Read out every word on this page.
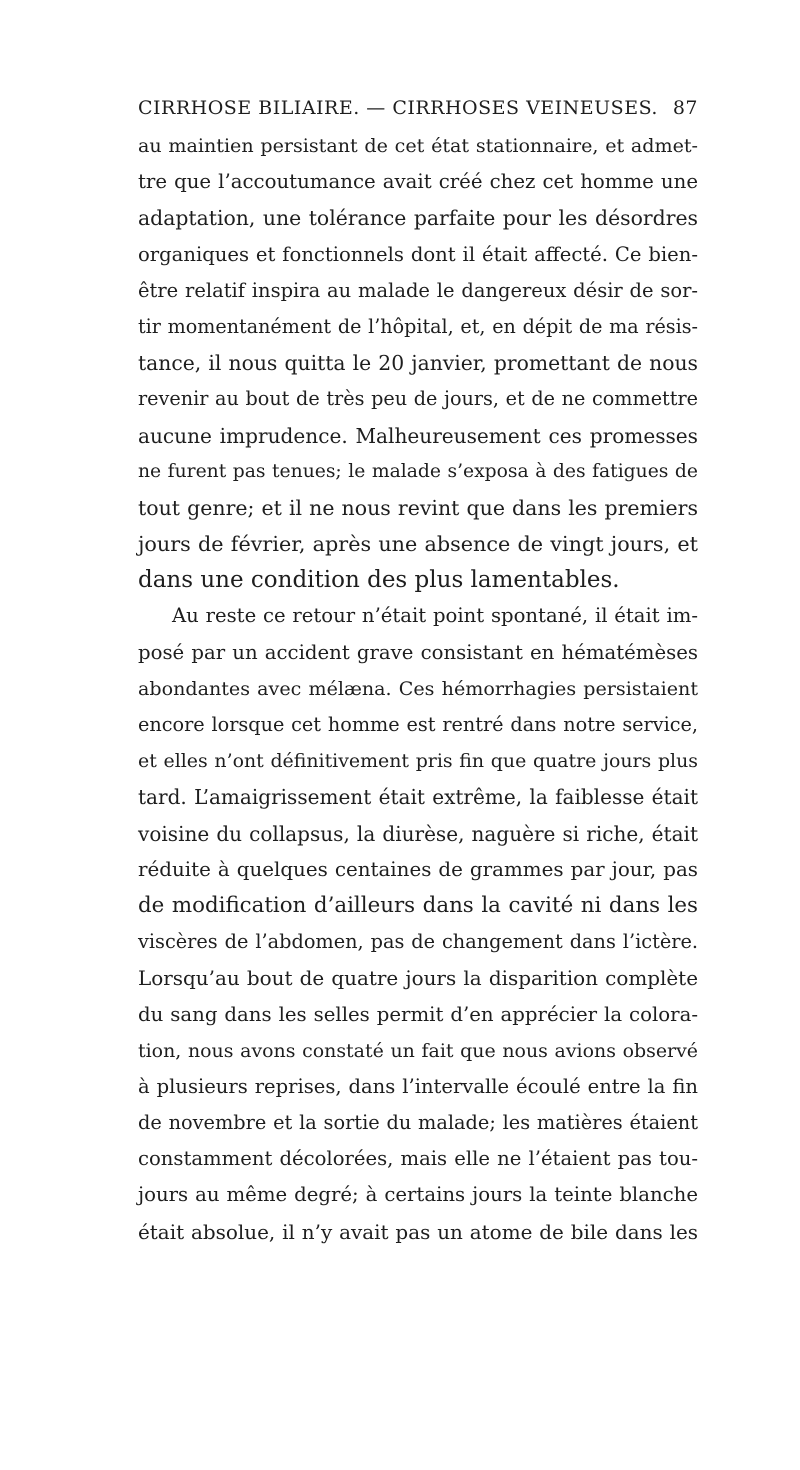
CIRRHOSE BILIAIRE. — CIRRHOSES VEINEUSES. 87
au maintien persistant de cet état stationnaire, et admet-
tre que l’accoutumance avait créé chez cet homme une
adaptation, une tolérance parfaite pour les désordres
organiques et fonctionnels dont il était affecté. Ce bien-
être relatif inspira au malade le dangereux désir de sor-
tir momentanément de l’hôpital, et, en dépit de ma résis-
tance, il nous quitta le 20 janvier, promettant de nous
revenir au bout de très peu de jours, et de ne commettre
aucune imprudence. Malheureusement ces promesses
ne furent pas tenues; le malade s’exposa à des fatigues de
tout genre; et il ne nous revint que dans les premiers
jours de février, après une absence de vingt jours, et
dans une condition des plus lamentables.
Au reste ce retour n’était point spontané, il était im-
posé par un accident grave consistant en hématémèses
abondantes avec mélæna. Ces hémorrhagies persistaient
encore lorsque cet homme est rentré dans notre service,
et elles n’ont définitivement pris fin que quatre jours plus
tard. L’amaigrissement était extrême, la faiblesse était
voisine du collapsus, la diurèse, naguère si riche, était
réduite à quelques centaines de grammes par jour, pas
de modification d’ailleurs dans la cavité ni dans les
viscères de l’abdomen, pas de changement dans l’ictère.
Lorsqu’au bout de quatre jours la disparition complète
du sang dans les selles permit d’en apprécier la colora-
tion, nous avons constaté un fait que nous avions observé
à plusieurs reprises, dans l’intervalle écoulé entre la fin
de novembre et la sortie du malade; les matières étaient
constamment décolorées, mais elle ne l’étaient pas tou-
jours au même degré; à certains jours la teinte blanche
était absolue, il n’y avait pas un atome de bile dans les
